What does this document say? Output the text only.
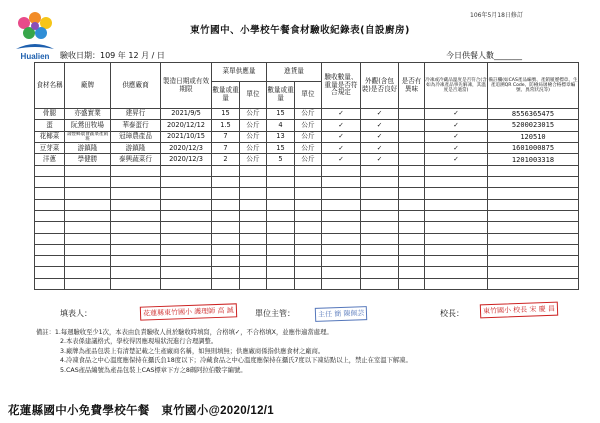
Hualien
106年5月18日修訂
東竹國中、小學校午餐食材驗收紀錄表(自設廚房)
驗收日期：109 年 12 月 / 日	今日供餐人數_______
食材名稱	廠牌	供應廠商	製造日期或有效期限	菜單供應量		進貨量		驗收數量、重量是否符合規定	外觀(含包裝)是否良好	是否有異味	冷凍或冷藏品溫度是否符合(含如為冷凍產品事先解凍，其溫度是否適當)	備註欄(如CAS產品編號、產銷履歷標章、生產追溯QR Code、防檢局屠檢合格標章編號、異常狀況等)
				數量或重量	單位	數量或重量	單位					
骨腿	亦盛實業	建昇行	2021/9/5	15	公斤	15	公斤	✓	✓		✓	8556365475
蛋	阮鶯田牧場	華泰蛋行	2020/12/12	1.5	公斤	4	公斤	✓	✓		✓	5200023015
花椰菜	壽豐鄉農會蔬菜產銷班	冠璋農產品	2021/10/15	7	公斤	13	公斤	✓	✓		✓	120510
豆芽菜	游鎮隆	游鎮隆	2020/12/3	7	公斤	15	公斤	✓	✓		✓	1601000875
洋蔥	學健勝	泰興蔬菜行	2020/12/3	2	公斤	5	公斤	✓	✓		✓	1201003318

填表人：	花蓮縣東竹國小 護理師 高 誠	單位主管：	主任 簡 陳佩芸	校長：	東竹國小 校長 宋 慶 昌
備註：1.每週驗收至少1次，本表由負責驗收人員於驗收時填寫，合格填✓，不合格填X，並應作適當處理。
2.本表係建議格式，學校得因應現場狀況進行合理調整。
3.廠牌為產品包裝上有清楚記載之生產廠商名稱，如無則填無；供應廠商係指供應食材之廠商。
4.冷凍食品之中心溫度應保持在攝氏負18度以下；冷藏食品之中心溫度應保持在攝氏7度以下凍結點以上，禁止在室溫下解凍。
5.CAS產品編號為產品包裝上CAS標章下方之8碼阿拉伯數字編號。
花蓮縣國中小免費學校午餐　東竹國小@2020/12/1
